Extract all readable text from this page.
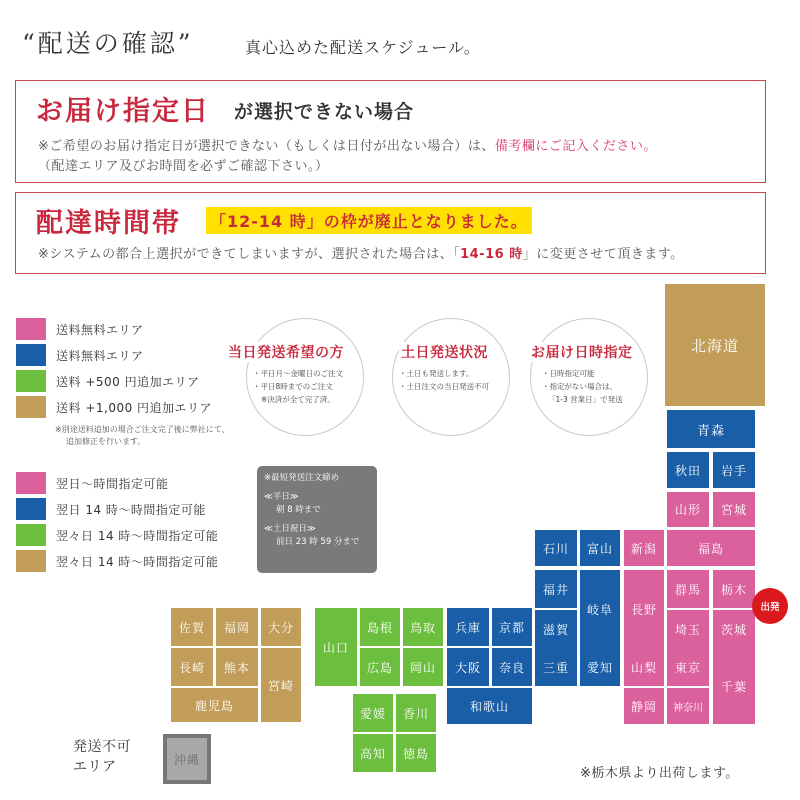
“配送の確認”	真心込めた配送スケジュール。
お届け指定日 が選択できない場合
※ご希望のお届け指定日が選択できない（もしくは日付が出ない場合）は、備考欄にご記入ください。
（配達エリア及びお時間を必ずご確認下さい。）
配達時間帯 「12-14 時」の枠が廃止となりました。
※システムの都合上選択ができてしまいますが、選択された場合は、「14-16 時」に変更させて頂きます。
送料無料エリア
送料無料エリア
送料 +500 円追加エリア
送料 +1,000 円追加エリア
※別途送料追加の場合ご注文完了後に弊社にて、
追加修正を行います。
翌日～時間指定可能
翌日 14 時～時間指定可能
翌々日 14 時～時間指定可能
翌々日 14 時～時間指定可能
当日発送希望の方
・平日月～金曜日のご注文
・平日8時までのご注文
※決済が全て完了済。
土日発送状況
・土日も発送します。
・土日注文の当日発送不可
お届け日時指定
・日時指定可能
・指定がない場合は、
「1-3 営業日」で発送
※最短発送注文締め
≪平日≫
朝 8 時まで
≪土日祝日≫
前日 23 時 59 分まで
北海道
青森
秋田	岩手
山形	宮城
石川	富山	新潟	福島
福井
岐阜	長野
群馬	栃木
滋賀	埼玉	茨城
山口
島根	鳥取	兵庫	京都
広島	岡山	大阪	奈良	三重	愛知	山梨	東京
千葉
和歌山	静岡	神奈川
愛媛	香川
高知	徳島
佐賀	福岡	大分
長崎	熊本
宮崎
鹿児島
沖縄
出発
発送不可
エリア	※栃木県より出荷します。
